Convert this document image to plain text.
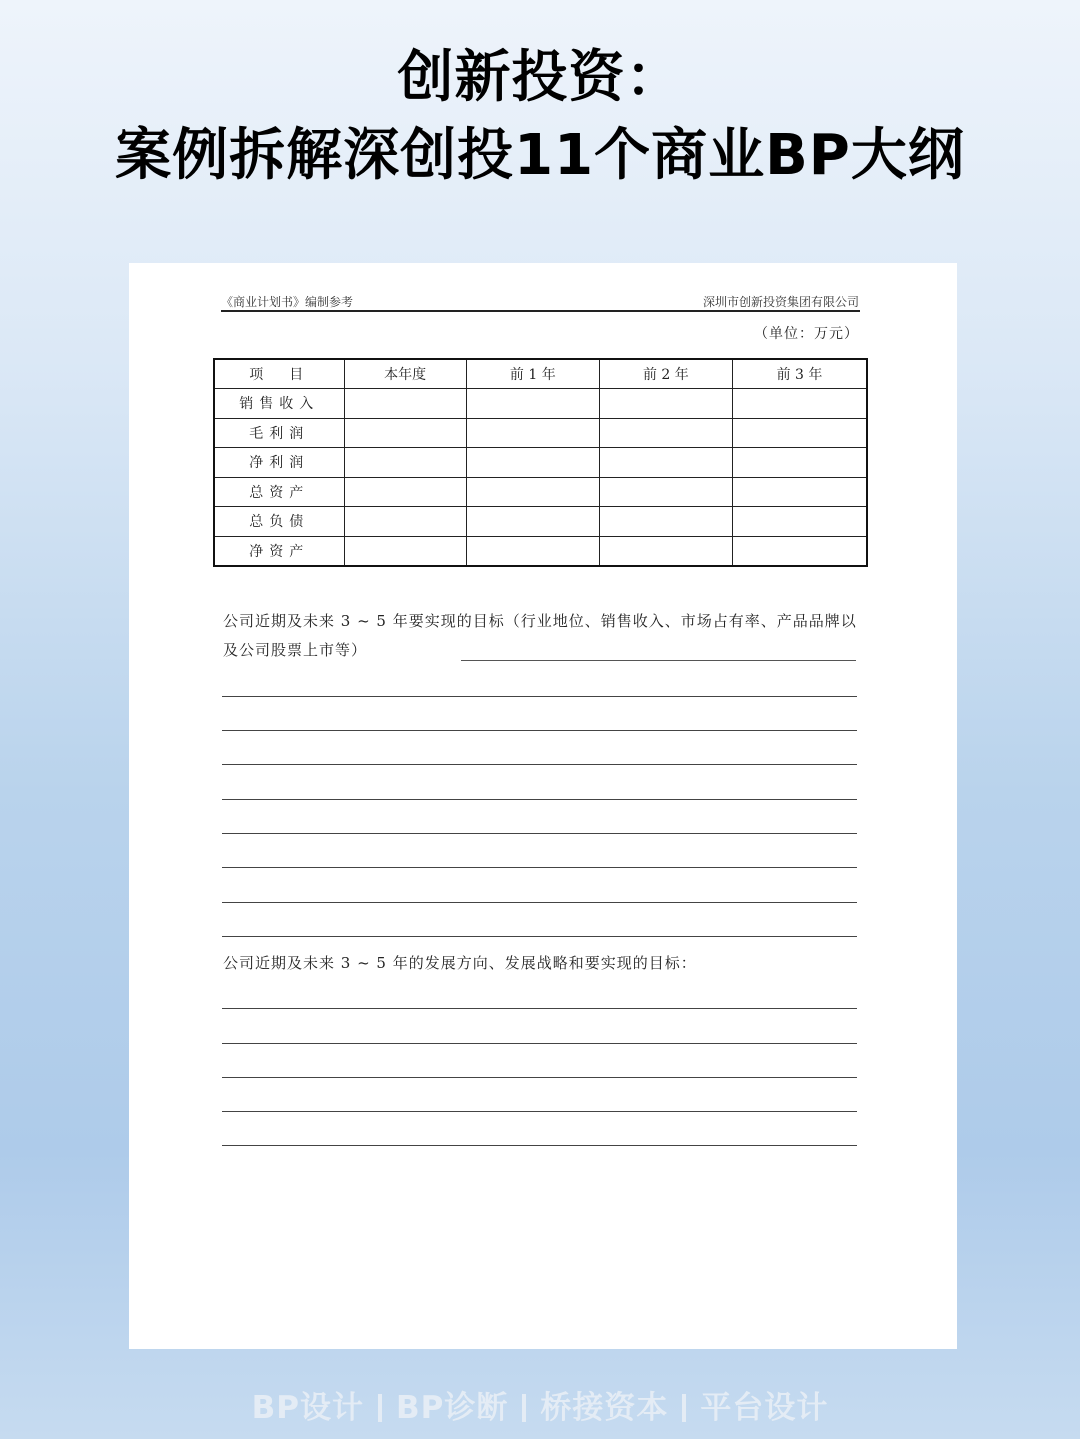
创新投资：
案例拆解深创投11个商业BP大纲
《商业计划书》编制参考	深圳市创新投资集团有限公司
（单位：万元）
项　目	本年度	前 1 年	前 2 年	前 3 年
销售收入				
毛利润				
净利润				
总资产				
总负债				
净资产				
公司近期及未来 3 ~ 5 年要实现的目标（行业地位、销售收入、市场占有率、产品品牌以及公司股票上市等）
公司近期及未来 3 ~ 5 年的发展方向、发展战略和要实现的目标：
BP设计 BP诊断 桥接资本 平台设计
